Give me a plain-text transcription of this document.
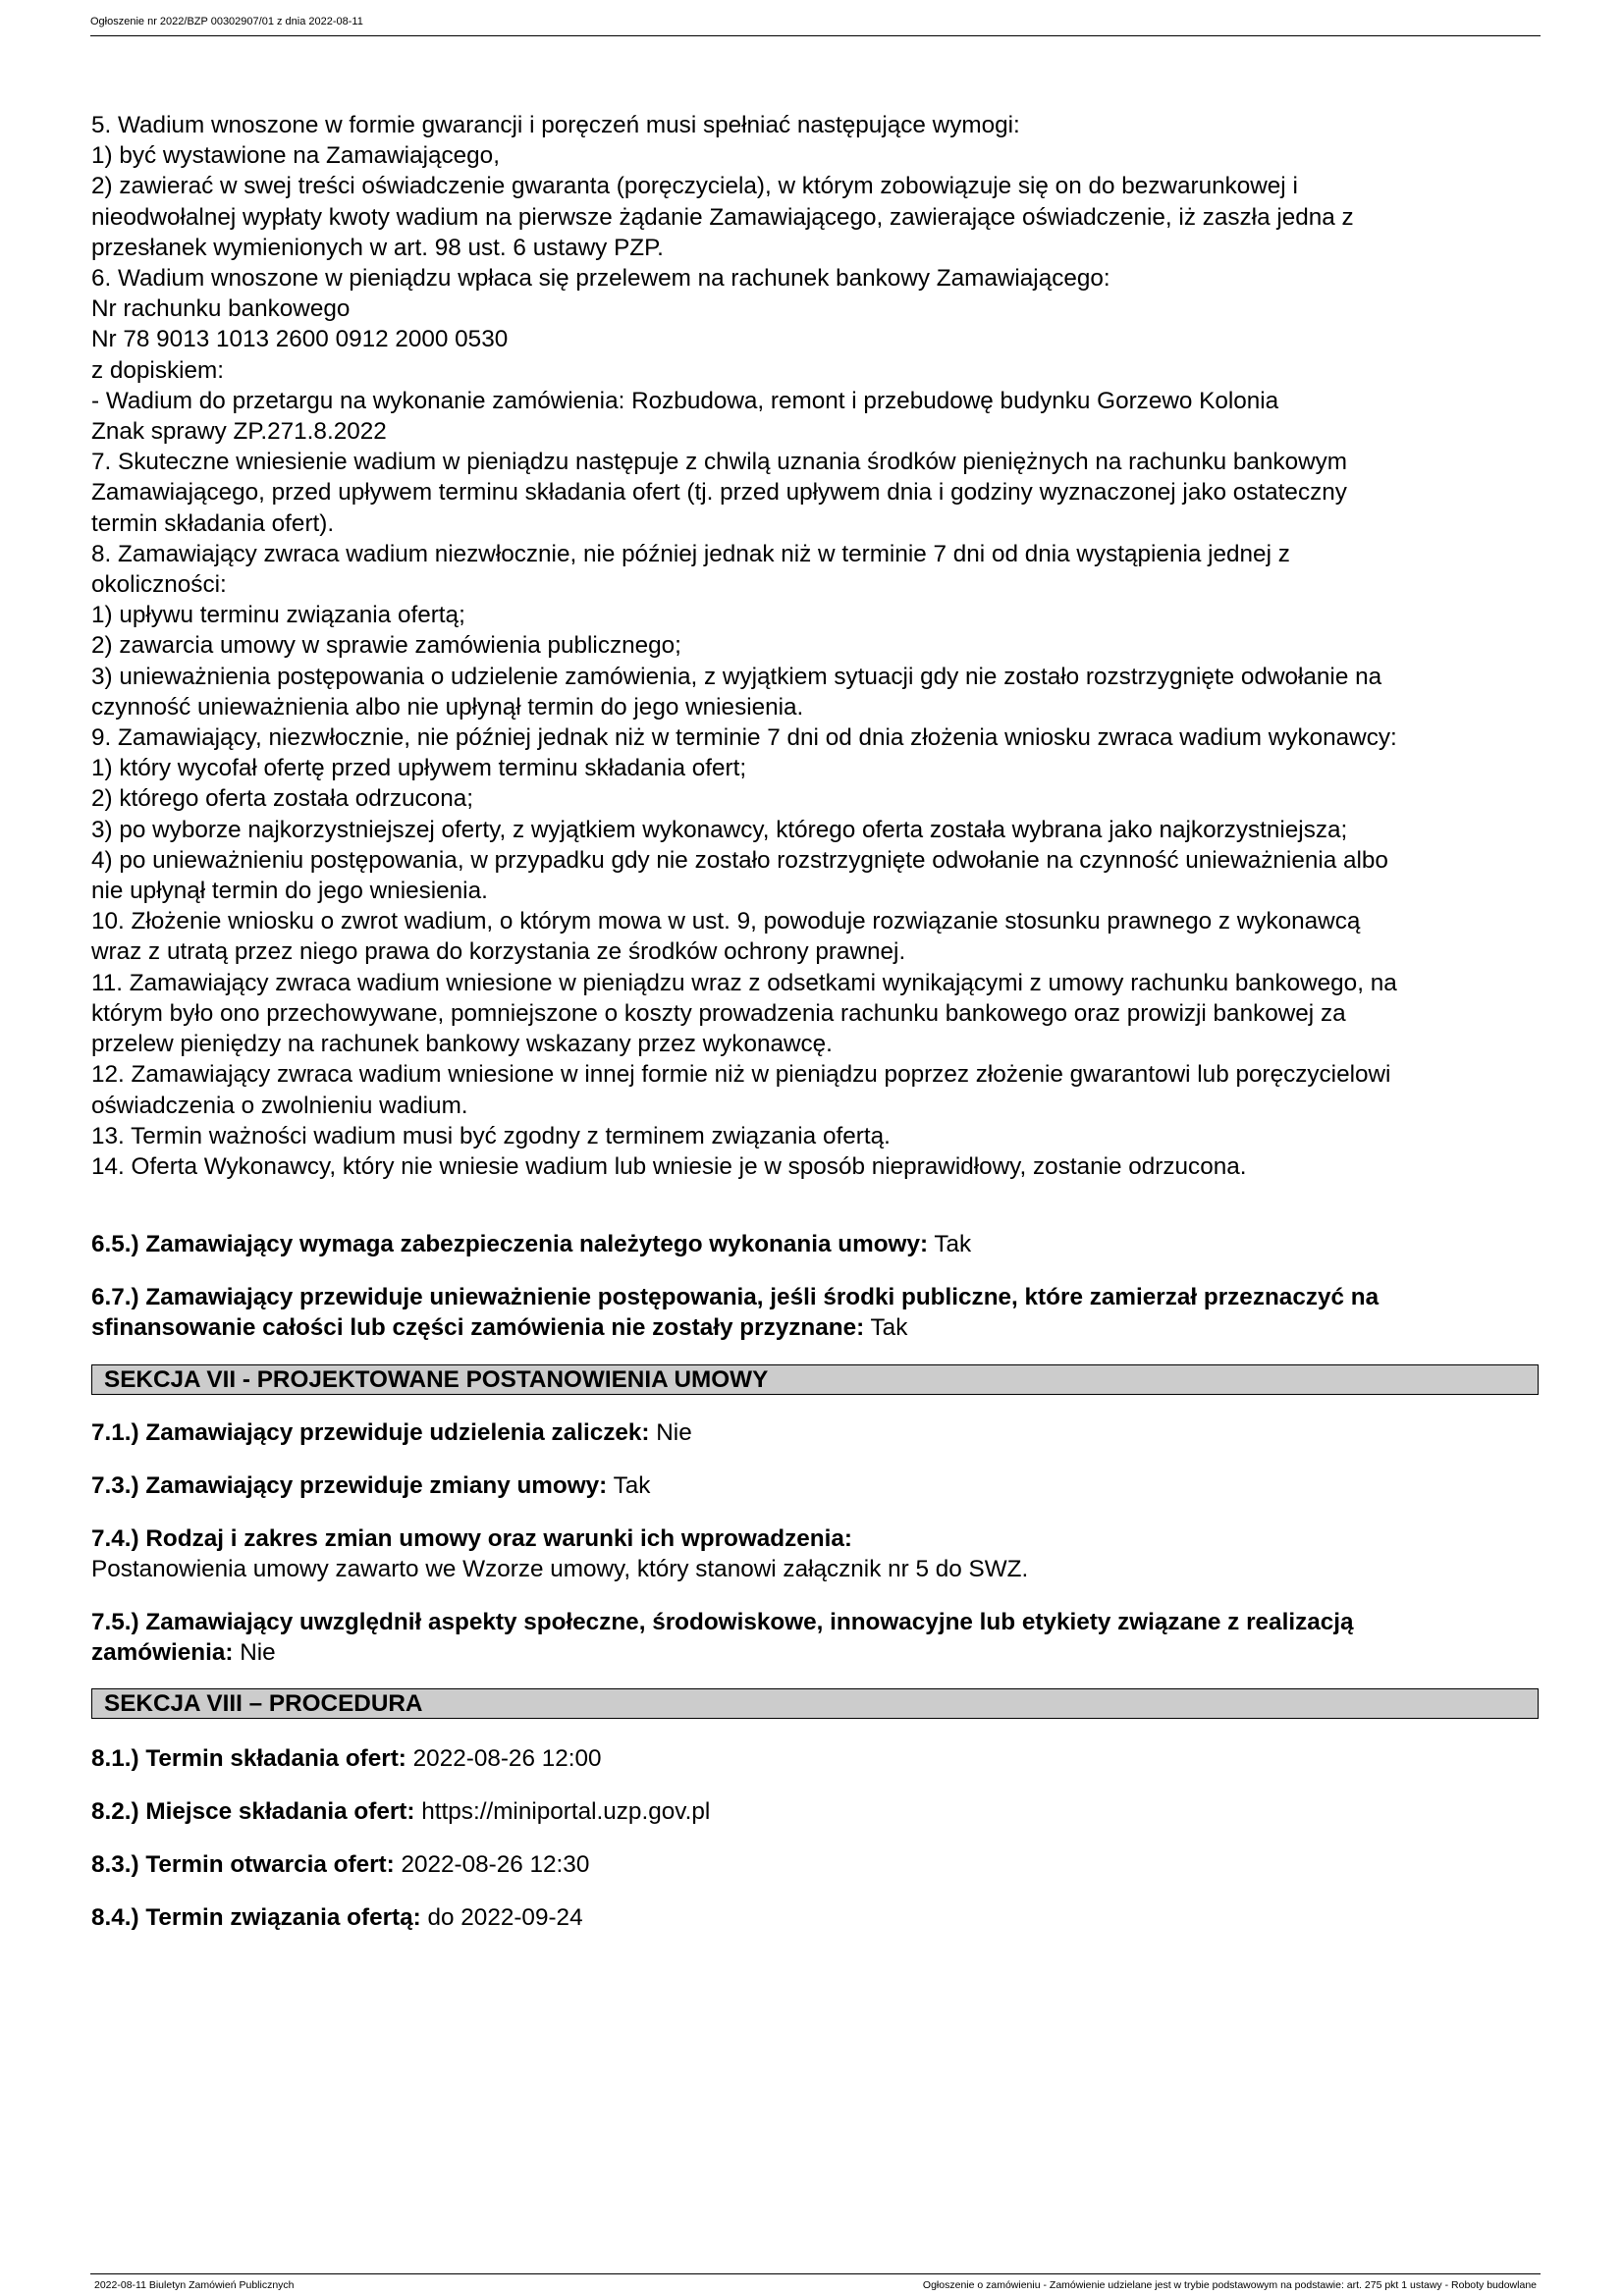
Ogłoszenie nr 2022/BZP 00302907/01 z dnia 2022-08-11

5. Wadium wnoszone w formie gwarancji i poręczeń musi spełniać następujące wymogi:
1) być wystawione na Zamawiającego,
2) zawierać w swej treści oświadczenie gwaranta (poręczyciela), w którym zobowiązuje się on do bezwarunkowej i
nieodwołalnej wypłaty kwoty wadium na pierwsze żądanie Zamawiającego, zawierające oświadczenie, iż zaszła jedna z
przesłanek wymienionych w art. 98 ust. 6 ustawy PZP.
6. Wadium wnoszone w pieniądzu wpłaca się przelewem na rachunek bankowy Zamawiającego:
Nr rachunku bankowego
Nr 78 9013 1013 2600 0912 2000 0530
z dopiskiem:
- Wadium do przetargu na wykonanie zamówienia: Rozbudowa, remont i przebudowę budynku Gorzewo Kolonia
Znak sprawy ZP.271.8.2022
7. Skuteczne wniesienie wadium w pieniądzu następuje z chwilą uznania środków pieniężnych na rachunku bankowym
Zamawiającego, przed upływem terminu składania ofert (tj. przed upływem dnia i godziny wyznaczonej jako ostateczny
termin składania ofert).
8. Zamawiający zwraca wadium niezwłocznie, nie później jednak niż w terminie 7 dni od dnia wystąpienia jednej z
okoliczności:
1) upływu terminu związania ofertą;
2) zawarcia umowy w sprawie zamówienia publicznego;
3) unieważnienia postępowania o udzielenie zamówienia, z wyjątkiem sytuacji gdy nie zostało rozstrzygnięte odwołanie na
czynność unieważnienia albo nie upłynął termin do jego wniesienia.
9. Zamawiający, niezwłocznie, nie później jednak niż w terminie 7 dni od dnia złożenia wniosku zwraca wadium wykonawcy:
1) który wycofał ofertę przed upływem terminu składania ofert;
2) którego oferta została odrzucona;
3) po wyborze najkorzystniejszej oferty, z wyjątkiem wykonawcy, którego oferta została wybrana jako najkorzystniejsza;
4) po unieważnieniu postępowania, w przypadku gdy nie zostało rozstrzygnięte odwołanie na czynność unieważnienia albo
nie upłynął termin do jego wniesienia.
10. Złożenie wniosku o zwrot wadium, o którym mowa w ust. 9, powoduje rozwiązanie stosunku prawnego z wykonawcą
wraz z utratą przez niego prawa do korzystania ze środków ochrony prawnej.
11. Zamawiający zwraca wadium wniesione w pieniądzu wraz z odsetkami wynikającymi z umowy rachunku bankowego, na
którym było ono przechowywane, pomniejszone o koszty prowadzenia rachunku bankowego oraz prowizji bankowej za
przelew pieniędzy na rachunek bankowy wskazany przez wykonawcę.
12. Zamawiający zwraca wadium wniesione w innej formie niż w pieniądzu poprzez złożenie gwarantowi lub poręczycielowi
oświadczenia o zwolnieniu wadium.
13. Termin ważności wadium musi być zgodny z terminem związania ofertą.
14. Oferta Wykonawcy, który nie wniesie wadium lub wniesie je w sposób nieprawidłowy, zostanie odrzucona.

6.5.) Zamawiający wymaga zabezpieczenia należytego wykonania umowy: Tak

6.7.) Zamawiający przewiduje unieważnienie postępowania, jeśli środki publiczne, które zamierzał przeznaczyć na
sfinansowanie całości lub części zamówienia nie zostały przyznane: Tak

SEKCJA VII - PROJEKTOWANE POSTANOWIENIA UMOWY

7.1.) Zamawiający przewiduje udzielenia zaliczek: Nie

7.3.) Zamawiający przewiduje zmiany umowy: Tak

7.4.) Rodzaj i zakres zmian umowy oraz warunki ich wprowadzenia:
Postanowienia umowy zawarto we Wzorze umowy, który stanowi załącznik nr 5 do SWZ.

7.5.) Zamawiający uwzględnił aspekty społeczne, środowiskowe, innowacyjne lub etykiety związane z realizacją
zamówienia: Nie

SEKCJA VIII – PROCEDURA

8.1.) Termin składania ofert: 2022-08-26 12:00

8.2.) Miejsce składania ofert: https://miniportal.uzp.gov.pl

8.3.) Termin otwarcia ofert: 2022-08-26 12:30

8.4.) Termin związania ofertą: do 2022-09-24

2022-08-11 Biuletyn Zamówień Publicznych	Ogłoszenie o zamówieniu - Zamówienie udzielane jest w trybie podstawowym na podstawie: art. 275 pkt 1 ustawy - Roboty budowlane
